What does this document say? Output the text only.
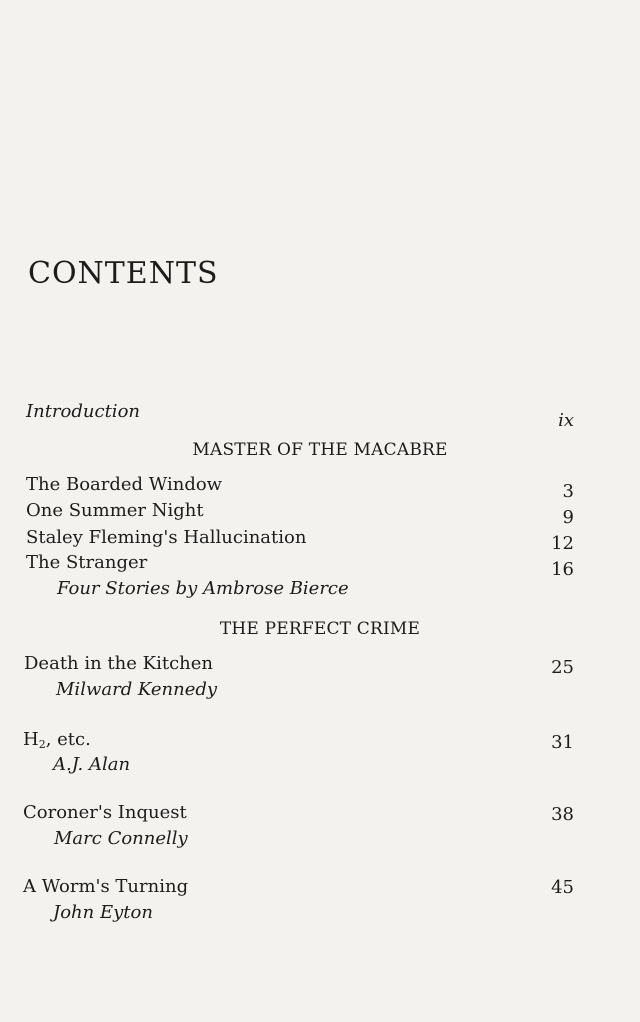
CONTENTS
Introduction	ix
MASTER OF THE MACABRE
The Boarded Window	3
One Summer Night	9
Staley Fleming's Hallucination	12
The Stranger	16
Four Stories by Ambrose Bierce
THE PERFECT CRIME
Death in the Kitchen	25
Milward Kennedy
$H_2$, etc.	31
A.J. Alan
Coroner's Inquest	38
Marc Connelly
A Worm's Turning	45
John Eyton
